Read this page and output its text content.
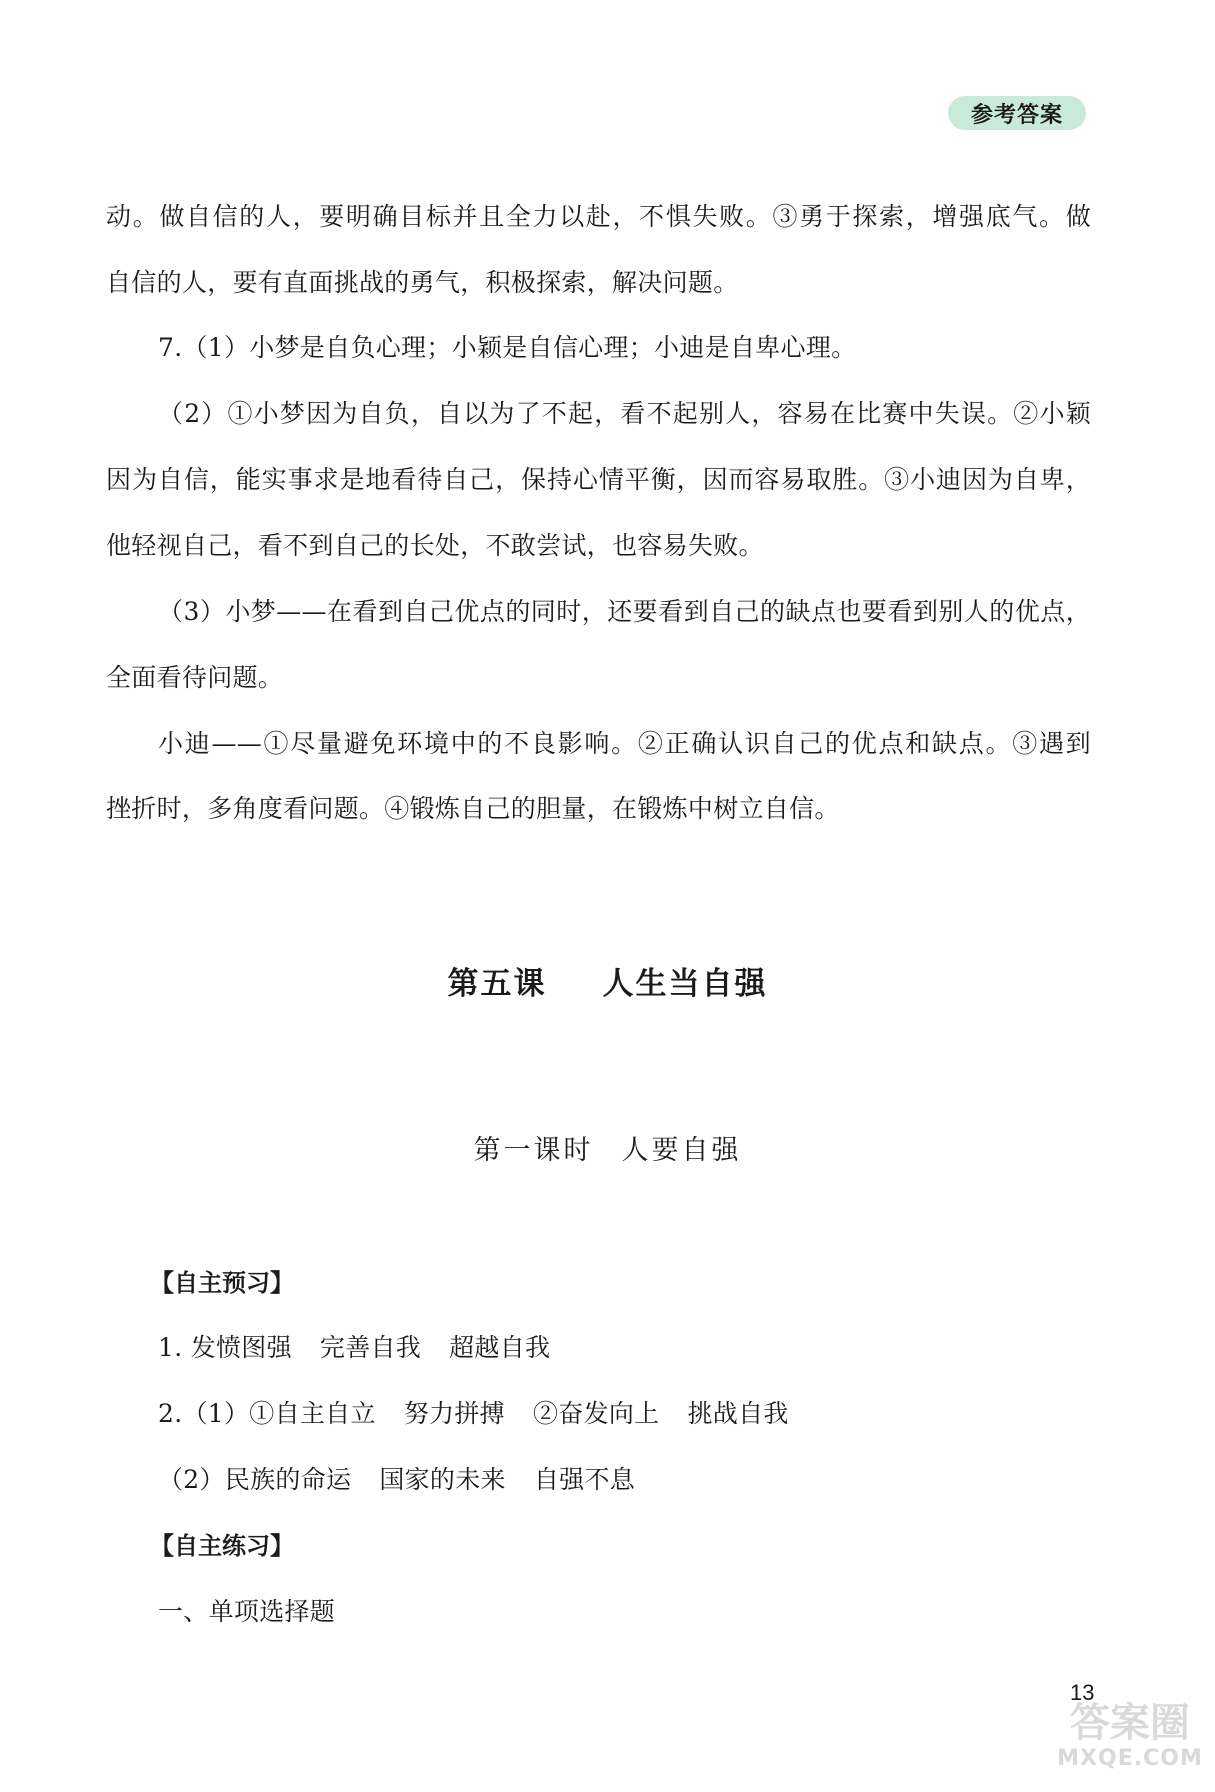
参考答案
动。做自信的人，要明确目标并且全力以赴，不惧失败。③勇于探索，增强底气。做
自信的人，要有直面挑战的勇气，积极探索，解决问题。
7.（1）小梦是自负心理；小颖是自信心理；小迪是自卑心理。
（2）①小梦因为自负，自以为了不起，看不起别人，容易在比赛中失误。②小颖
因为自信，能实事求是地看待自己，保持心情平衡，因而容易取胜。③小迪因为自卑，
他轻视自己，看不到自己的长处，不敢尝试，也容易失败。
（3）小梦——在看到自己优点的同时，还要看到自己的缺点也要看到别人的优点，
全面看待问题。
小迪——①尽量避免环境中的不良影响。②正确认识自己的优点和缺点。③遇到
挫折时，多角度看问题。④锻炼自己的胆量，在锻炼中树立自信。
第五课 人生当自强
第一课时 人要自强
【自主预习】
1. 发愤图强 完善自我 超越自我
2.（1）①自主自立 努力拼搏 ②奋发向上 挑战自我
（2）民族的命运 国家的未来 自强不息
【自主练习】
一、单项选择题
13
答案圈
MXQE.COM
